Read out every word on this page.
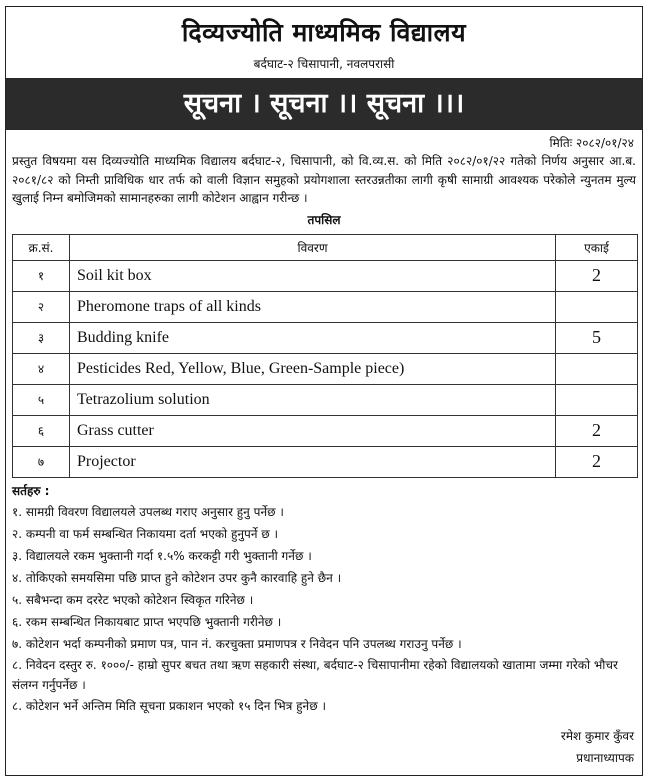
दिव्यज्योति माध्यमिक विद्यालय
बर्दघाट-२ चिसापानी, नवलपरासी
सूचना । सूचना ।। सूचना ।।।
मितिः २०८२/०१/२४
प्रस्तुत विषयमा यस दिव्यज्योति माध्यमिक विद्यालय बर्दघाट-२, चिसापानी, को वि.व्य.स. को मिति २०८२/०१/२२ गतेको निर्णय अनुसार आ.ब. २०८१/८२ को निम्ती प्राविधिक धार तर्फ को वाली विज्ञान समुहको प्रयोगशाला स्तरउन्नतीका लागी कृषी सामाग्री आवश्यक परेकोले न्युनतम मुल्य खुलाई निम्न बमोजिमको सामानहरुका लागी कोटेशन आह्वान गरीन्छ ।
तपसिल
क्र.सं.	विवरण	एकाई
१	Soil kit box	2
२	Pheromone traps of all kinds	
३	Budding knife	5
४	Pesticides Red, Yellow, Blue, Green-Sample piece)	
५	Tetrazolium solution	
६	Grass cutter	2
७	Projector	2
सर्तहरु :
१. सामग्री विवरण विद्यालयले उपलब्ध गराए अनुसार हुनु पर्नेछ ।
२. कम्पनी वा फर्म सम्बन्धित निकायमा दर्ता भएको हुनुपर्ने छ ।
३. विद्यालयले रकम भुक्तानी गर्दा १.५% करकट्टी गरी भुक्तानी गर्नेछ ।
४. तोकिएको समयसिमा पछि प्राप्त हुने कोटेशन उपर कुनै कारवाहि हुने छैन ।
५. सबैभन्दा कम दररेट भएको कोटेशन स्विकृत गरिनेछ ।
६. रकम सम्बन्धित निकायबाट प्राप्त भएपछि भुक्तानी गरीनेछ ।
७. कोटेशन भर्दा कम्पनीको प्रमाण पत्र, पान नं. करचुक्ता प्रमाणपत्र र निवेदन पनि उपलब्ध गराउनु पर्नेछ ।
८. निवेदन दस्तुर रु. १०००/- हाम्रो सुपर बचत तथा ऋण सहकारी संस्था, बर्दघाट-२ चिसापानीमा रहेको विद्यालयको खातामा जम्मा गरेको भौचर संलग्न गर्नुपर्नेछ ।
८. कोटेशन भर्ने अन्तिम मिति सूचना प्रकाशन भएको १५ दिन भित्र हुनेछ ।
रमेश कुमार कुँवर
प्रधानाध्यापक
